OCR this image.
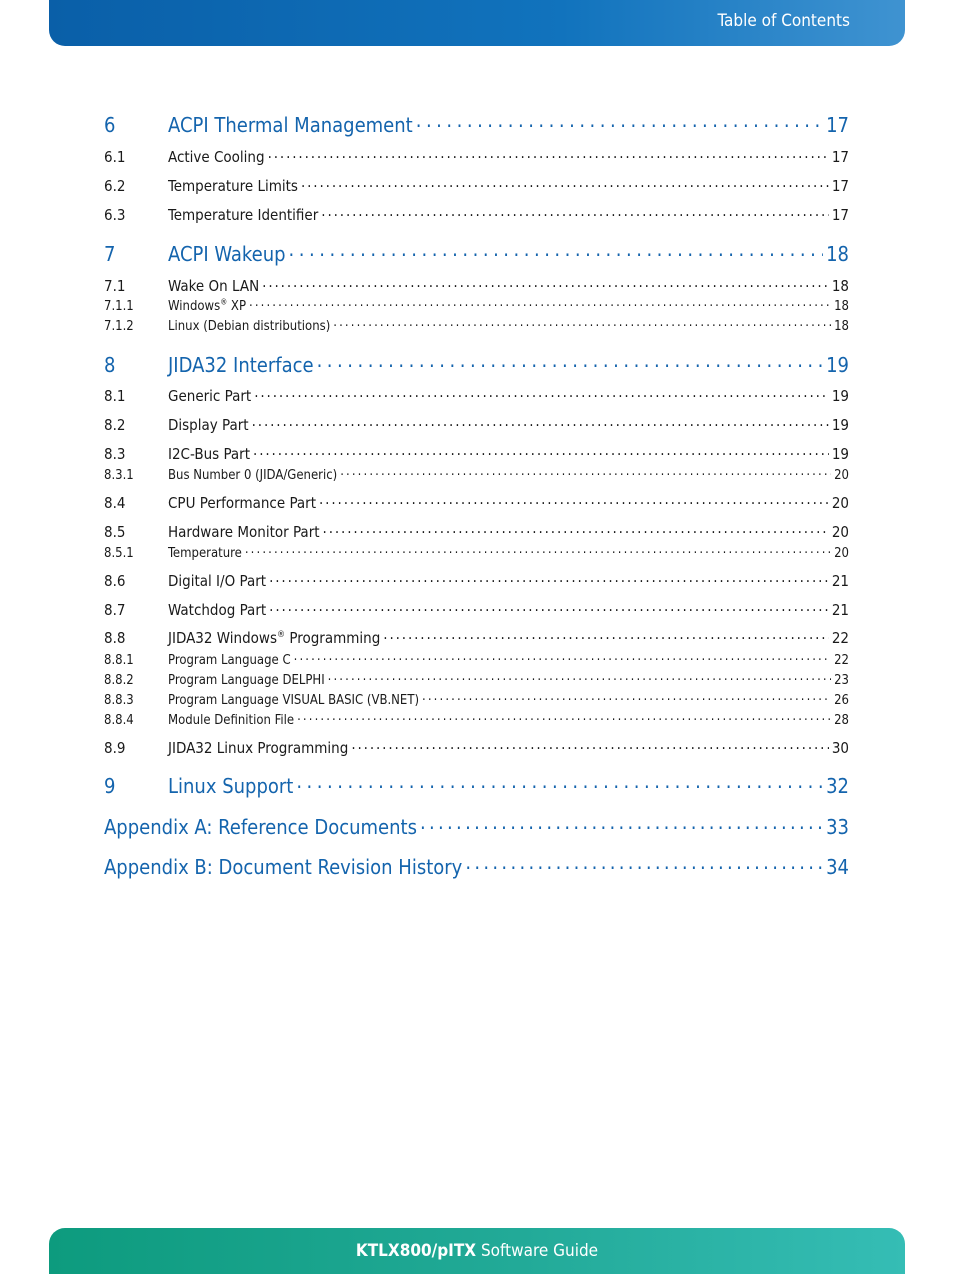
Table of Contents
6	ACPI Thermal Management . . .	17
6.1	Active Cooling . . .	17
6.2	Temperature Limits . . .	17
6.3	Temperature Identifier . . .	17
7	ACPI Wakeup . . .	18
7.1	Wake On LAN . . .	18
7.1.1	Windows® XP . . .	18
7.1.2	Linux (Debian distributions) . . .	18
8	JIDA32 Interface . . .	19
8.1	Generic Part . . .	19
8.2	Display Part . . .	19
8.3	I2C-Bus Part . . .	19
8.3.1	Bus Number 0 (JIDA/Generic) . . .	20
8.4	CPU Performance Part . . .	20
8.5	Hardware Monitor Part . . .	20
8.5.1	Temperature . . .	20
8.6	Digital I/O Part . . .	21
8.7	Watchdog Part . . .	21
8.8	JIDA32 Windows® Programming . . .	22
8.8.1	Program Language C . . .	22
8.8.2	Program Language DELPHI . . .	23
8.8.3	Program Language VISUAL BASIC (VB.NET) . . .	26
8.8.4	Module Definition File . . .	28
8.9	JIDA32 Linux Programming . . .	30
9	Linux Support . . .	32
Appendix A: Reference Documents . . .	33
Appendix B: Document Revision History . . .	34
KTLX800/pITX Software Guide
